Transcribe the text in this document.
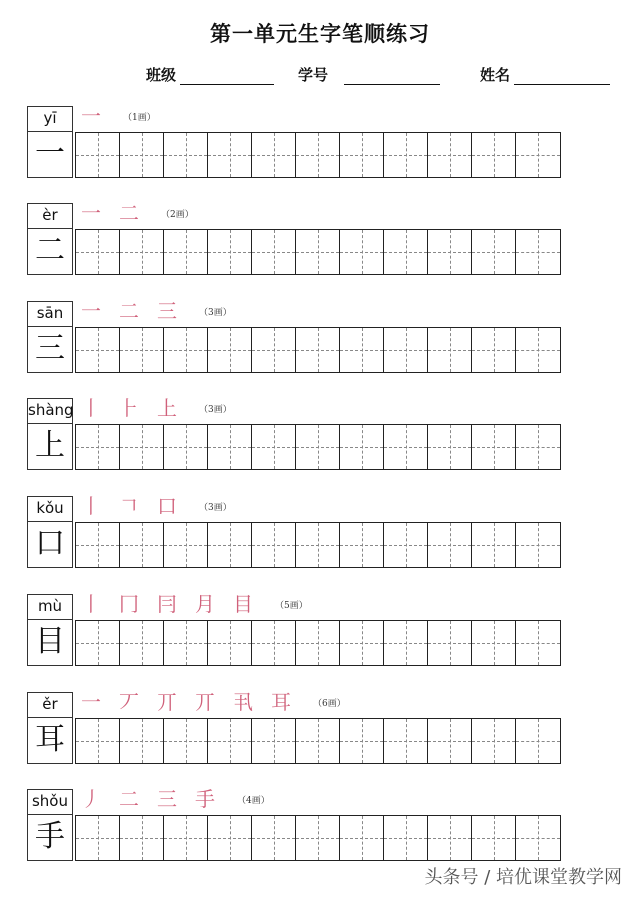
第一单元生字笔顺练习
班级	学号	姓名
yī
一
一 （1画）
èr
二
一 二 （2画）
sān
三
一 二 三 （3画）
shàng
上
丨 ⺊ 上 （3画）
kǒu
口
丨 𠃍 口 （3画）
mù
目
丨 冂 冃 月 目 （5画）
ěr
耳
一 丆 丌 丌 丮 耳 （6画）
shǒu
手
丿 二 三 手 （4画）
头条号 / 培优课堂教学网
